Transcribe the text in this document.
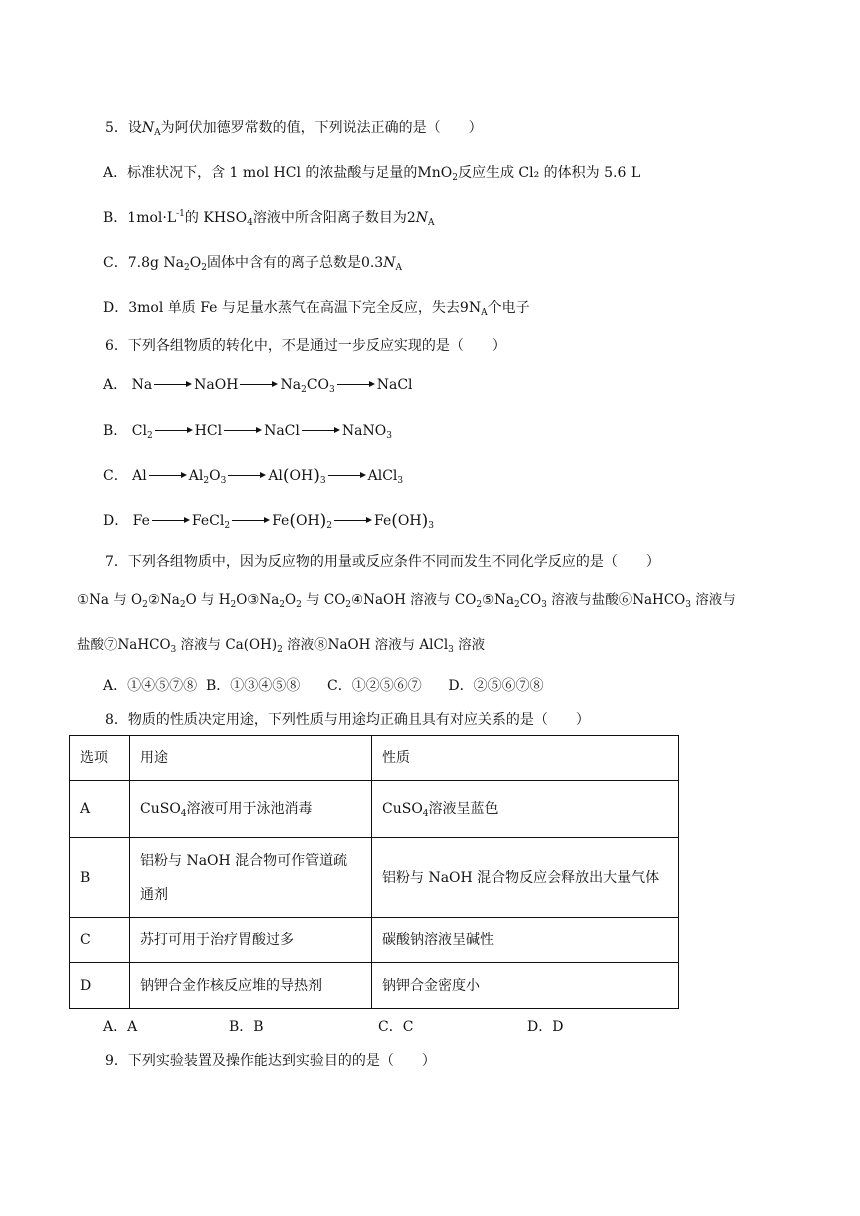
5．设$N_A$为阿伏加德罗常数的值，下列说法正确的是（　　）
A．标准状况下，含 1 mol HCl 的浓盐酸与足量的MnO$_2$反应生成 Cl₂ 的体积为 5.6 L
B．$1mol\cdot L^{-1}$的 $KHSO_4$溶液中所含阳离子数目为$2N_A$
C．7.8g $Na_2O_2$固体中含有的离子总数是$0.3N_A$
D．3mol 单质 Fe 与足量水蒸气在高温下完全反应，失去$9N_A$个电子
6．下列各组物质的转化中，不是通过一步反应实现的是（　　）
A． Na	NaOH	$Na_2CO_3$	NaCl
B． $Cl_2$	HCl	NaCl	NaNO$_3$
C． Al	$Al_2O_3$	$Al(OH)_3$	AlCl$_3$
D． Fe	FeCl$_2$	$Fe(OH)_2$	$Fe(OH)_3$
7．下列各组物质中，因为反应物的用量或反应条件不同而发生不同化学反应的是（　　）
①Na 与 $O_2②Na_2O$ 与 $H_2O③Na_2O_2$ 与 $CO_2④NaOH$ 溶液与 $CO_2⑤Na_2CO_3$ 溶液与盐酸⑥NaHCO$_3$ 溶液与
盐酸⑦NaHCO$_3$ 溶液与 $Ca(OH)_2$ 溶液⑧NaOH 溶液与 AlCl$_3$ 溶液
A．①④⑤⑦⑧  B．①③④⑤⑧      C．①②⑤⑥⑦      D．②⑤⑥⑦⑧
8．物质的性质决定用途，下列性质与用途均正确且具有对应关系的是（　　）
选项	用途	性质
A	CuSO$_4$溶液可用于泳池消毒	CuSO$_4$溶液呈蓝色
B	铝粉与 NaOH 混合物可作管道疏
通剂	铝粉与 NaOH 混合物反应会释放出大量气体
C	苏打可用于治疗胃酸过多	碳酸钠溶液呈碱性
D	钠钾合金作核反应堆的导热剂	钠钾合金密度小
A．A	B．B	C．C	D．D
9．下列实验装置及操作能达到实验目的的是（　　）
